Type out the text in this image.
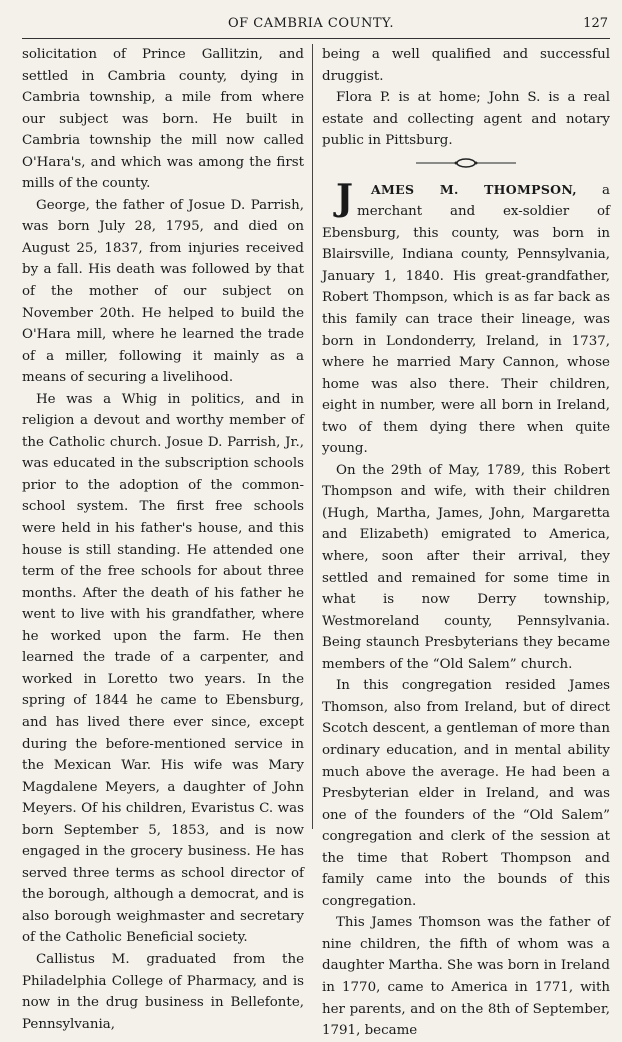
OF CAMBRIA COUNTY.	127

solicitation of Prince Gallitzin, and settled in Cambria county, dying in Cambria township, a mile from where our subject was born. He built in Cambria township the mill now called O'Hara's, and which was among the first mills of the county.

George, the father of Josue D. Parrish, was born July 28, 1795, and died on August 25, 1837, from injuries received by a fall. His death was followed by that of the mother of our subject on November 20th. He helped to build the O'Hara mill, where he learned the trade of a miller, following it mainly as a means of securing a livelihood.

He was a Whig in politics, and in religion a devout and worthy member of the Catholic church. Josue D. Parrish, Jr., was educated in the subscription schools prior to the adoption of the common-school system. The first free schools were held in his father's house, and this house is still standing. He attended one term of the free schools for about three months. After the death of his father he went to live with his grandfather, where he worked upon the farm. He then learned the trade of a carpenter, and worked in Loretto two years. In the spring of 1844 he came to Ebensburg, and has lived there ever since, except during the before-mentioned service in the Mexican War. His wife was Mary Magdalene Meyers, a daughter of John Meyers. Of his children, Evaristus C. was born September 5, 1853, and is now engaged in the grocery business. He has served three terms as school director of the borough, although a democrat, and is also borough weighmaster and secretary of the Catholic Beneficial society.

Callistus M. graduated from the Philadelphia College of Pharmacy, and is now in the drug business in Bellefonte, Pennsylvania,

being a well qualified and successful druggist.

Flora P. is at home; John S. is a real estate and collecting agent and notary public in Pittsburg.

J AMES M. THOMPSON, a merchant and ex-soldier of Ebensburg, this county, was born in Blairsville, Indiana county, Pennsylvania, January 1, 1840. His great-grandfather, Robert Thompson, which is as far back as this family can trace their lineage, was born in Londonderry, Ireland, in 1737, where he married Mary Cannon, whose home was also there. Their children, eight in number, were all born in Ireland, two of them dying there when quite young.

On the 29th of May, 1789, this Robert Thompson and wife, with their children (Hugh, Martha, James, John, Margaretta and Elizabeth) emigrated to America, where, soon after their arrival, they settled and remained for some time in what is now Derry township, Westmoreland county, Pennsylvania. Being staunch Presbyterians they became members of the “Old Salem” church.

In this congregation resided James Thomson, also from Ireland, but of direct Scotch descent, a gentleman of more than ordinary education, and in mental ability much above the average. He had been a Presbyterian elder in Ireland, and was one of the founders of the “Old Salem” congregation and clerk of the session at the time that Robert Thompson and family came into the bounds of this congregation.

This James Thomson was the father of nine children, the fifth of whom was a daughter Martha. She was born in Ireland in 1770, came to America in 1771, with her parents, and on the 8th of September, 1791, became
